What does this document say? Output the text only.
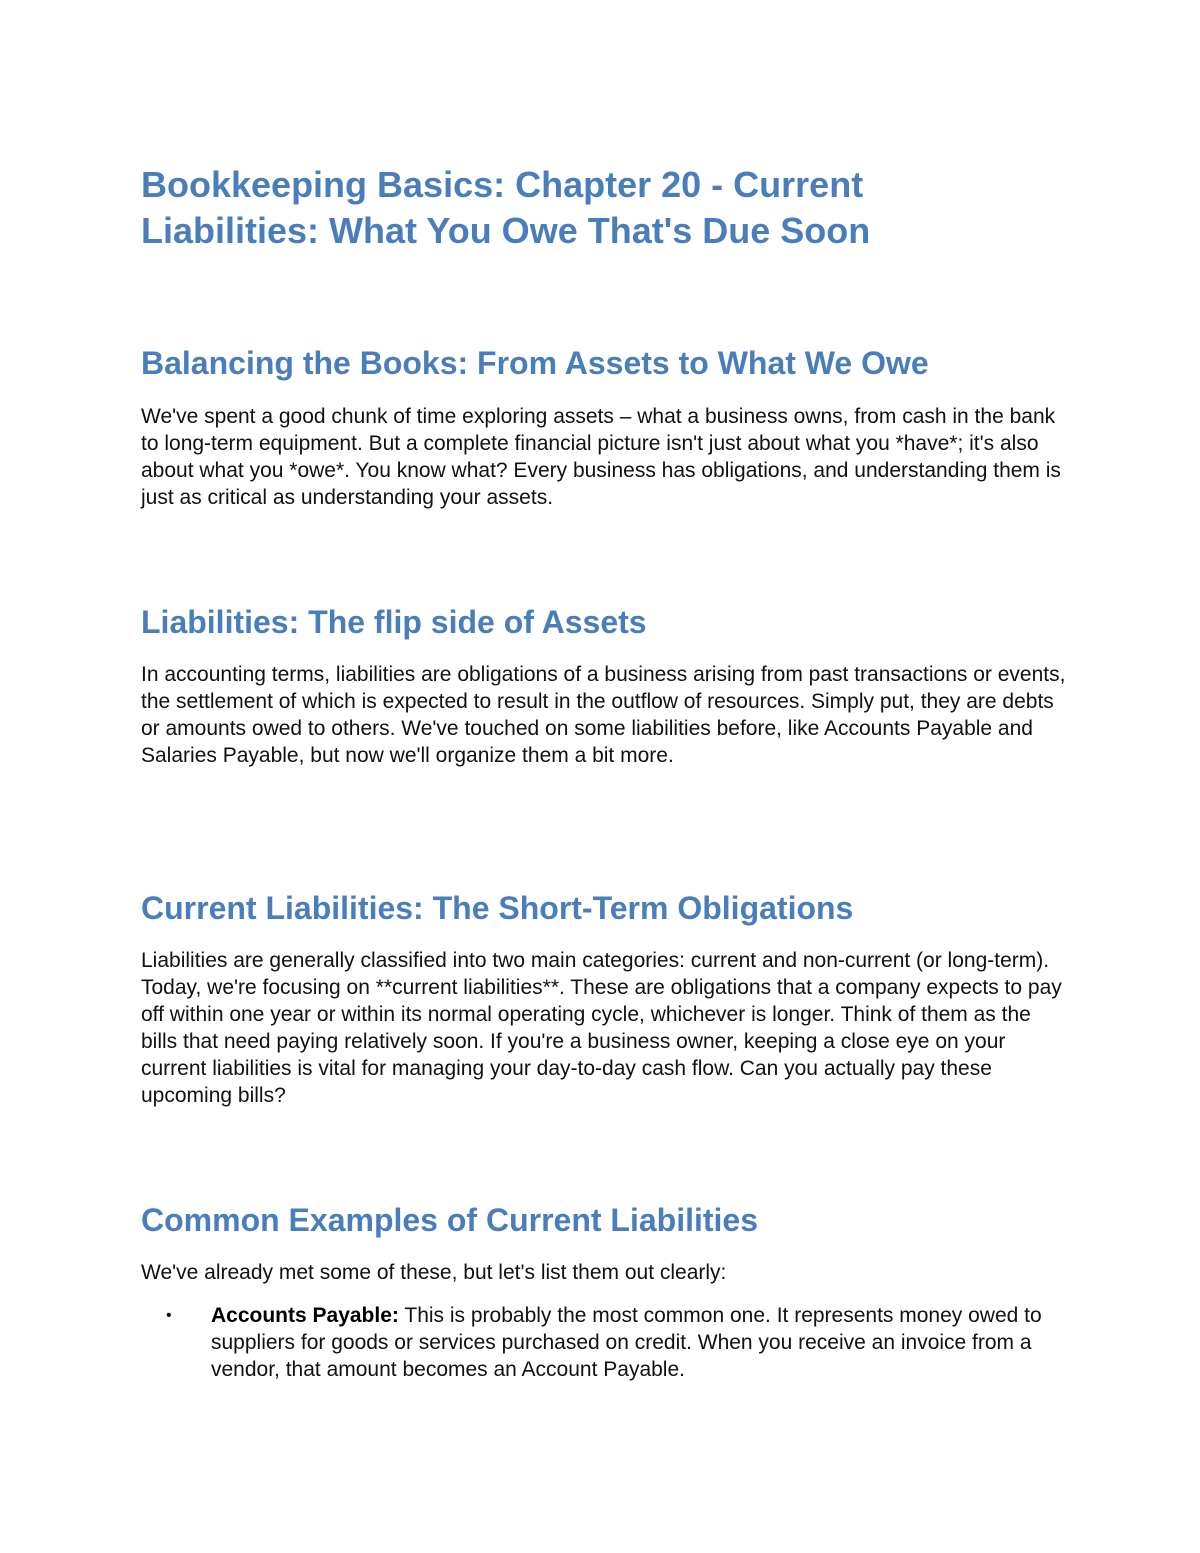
Bookkeeping Basics: Chapter 20 - Current Liabilities: What You Owe That's Due Soon
Balancing the Books: From Assets to What We Owe

We've spent a good chunk of time exploring assets – what a business owns, from cash in the bank to long-term equipment. But a complete financial picture isn't just about what you *have*; it's also about what you *owe*. You know what? Every business has obligations, and understanding them is just as critical as understanding your assets.

Liabilities: The flip side of Assets

In accounting terms, liabilities are obligations of a business arising from past transactions or events, the settlement of which is expected to result in the outflow of resources. Simply put, they are debts or amounts owed to others. We've touched on some liabilities before, like Accounts Payable and Salaries Payable, but now we'll organize them a bit more.

Current Liabilities: The Short-Term Obligations

Liabilities are generally classified into two main categories: current and non-current (or long-term). Today, we're focusing on **current liabilities**. These are obligations that a company expects to pay off within one year or within its normal operating cycle, whichever is longer. Think of them as the bills that need paying relatively soon. If you're a business owner, keeping a close eye on your current liabilities is vital for managing your day-to-day cash flow. Can you actually pay these upcoming bills?

Common Examples of Current Liabilities

We've already met some of these, but let's list them out clearly:

• Accounts Payable: This is probably the most common one. It represents money owed to suppliers for goods or services purchased on credit. When you receive an invoice from a vendor, that amount becomes an Account Payable.
